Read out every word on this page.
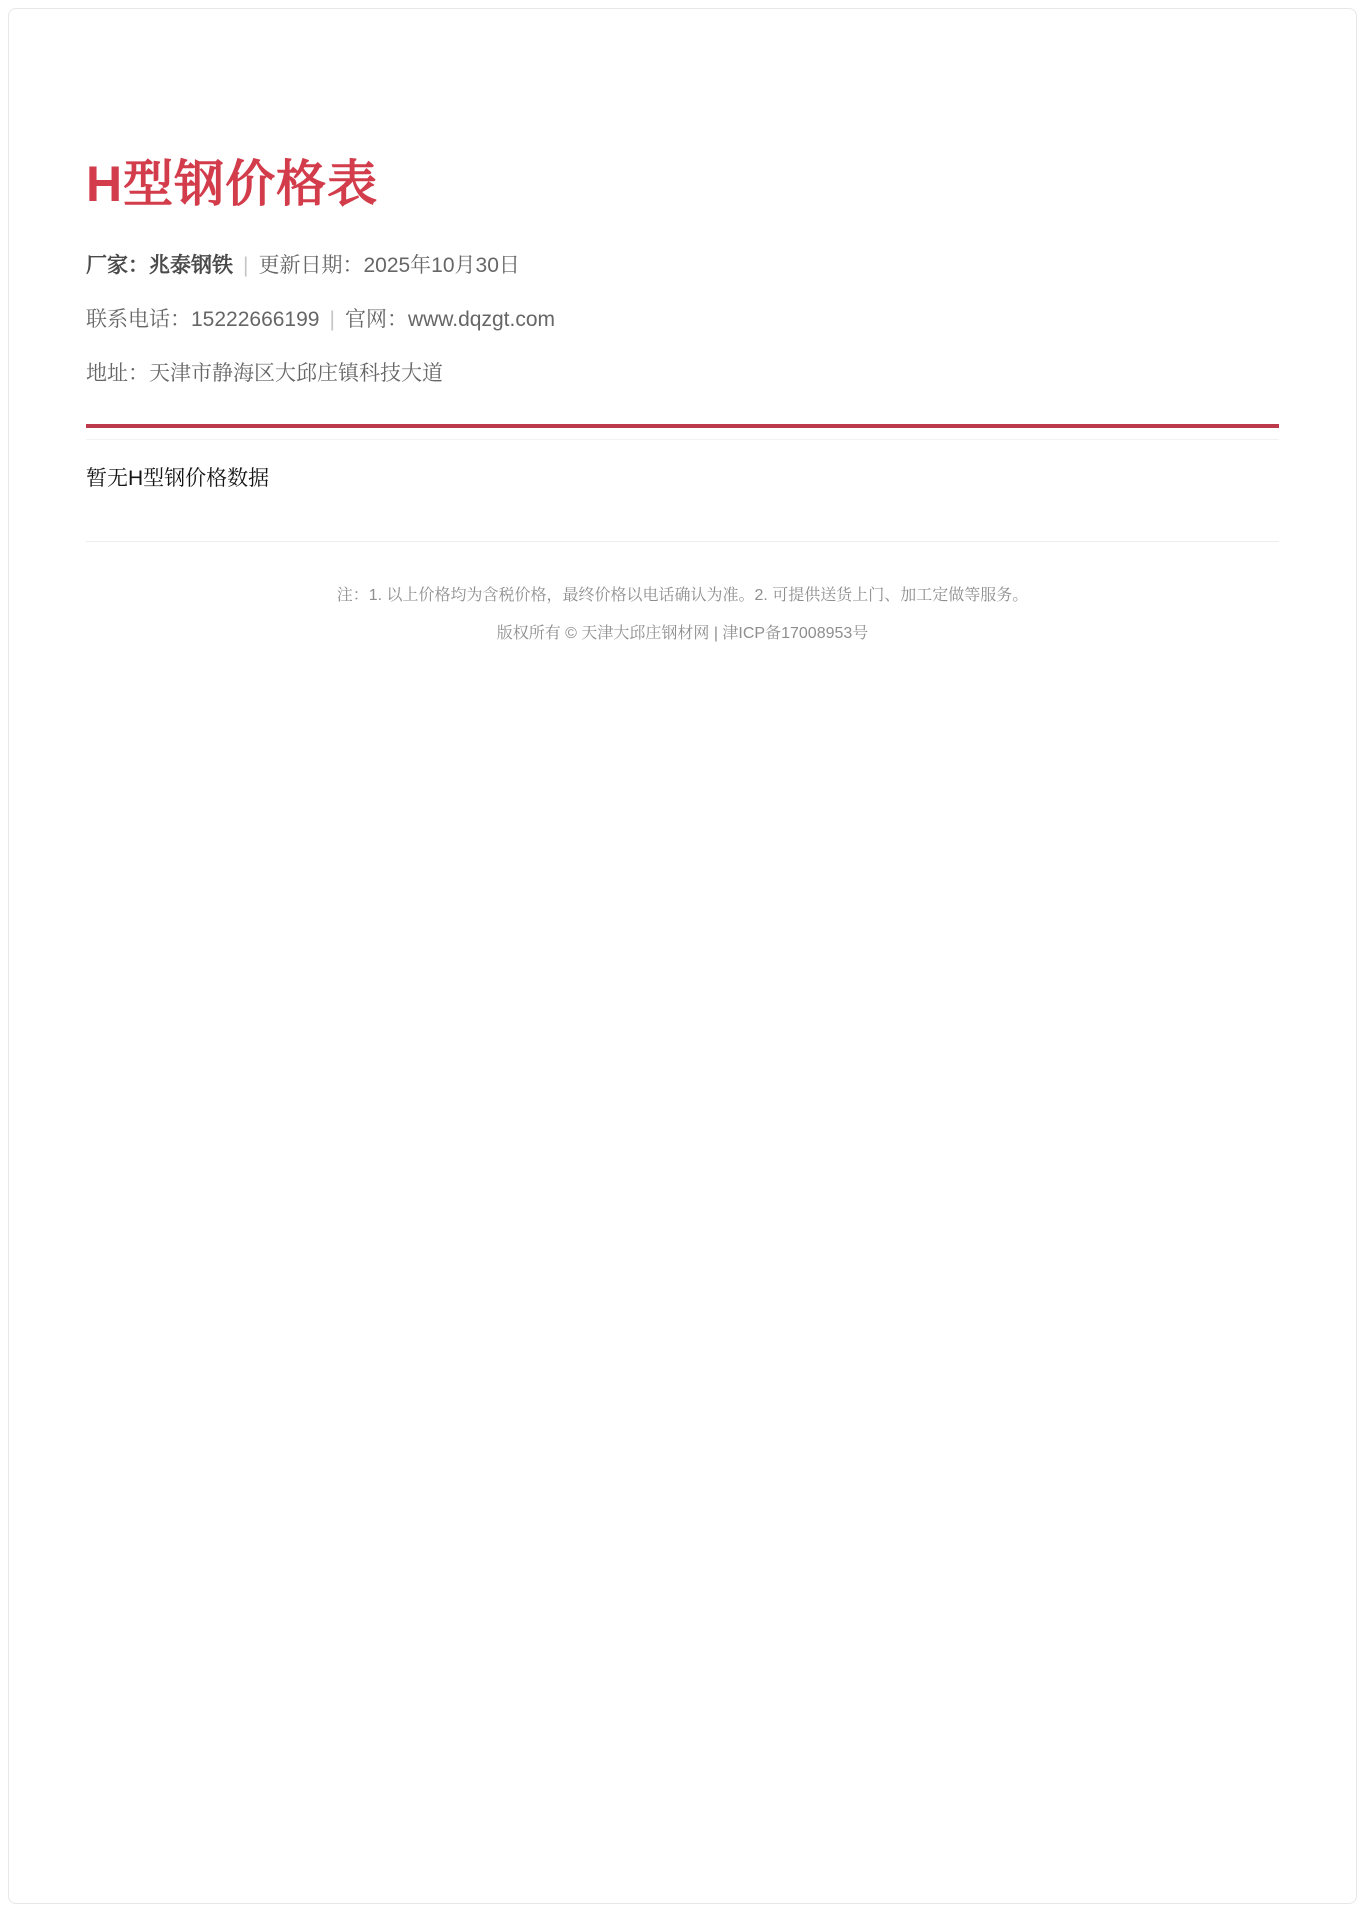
H型钢价格表

厂家：兆泰钢铁 | 更新日期：2025年10月30日

联系电话：15222666199 | 官网：www.dqzgt.com

地址：天津市静海区大邱庄镇科技大道

暂无H型钢价格数据

注：1. 以上价格均为含税价格，最终价格以电话确认为准。2. 可提供送货上门、加工定做等服务。

版权所有 © 天津大邱庄钢材网 | 津ICP备17008953号
